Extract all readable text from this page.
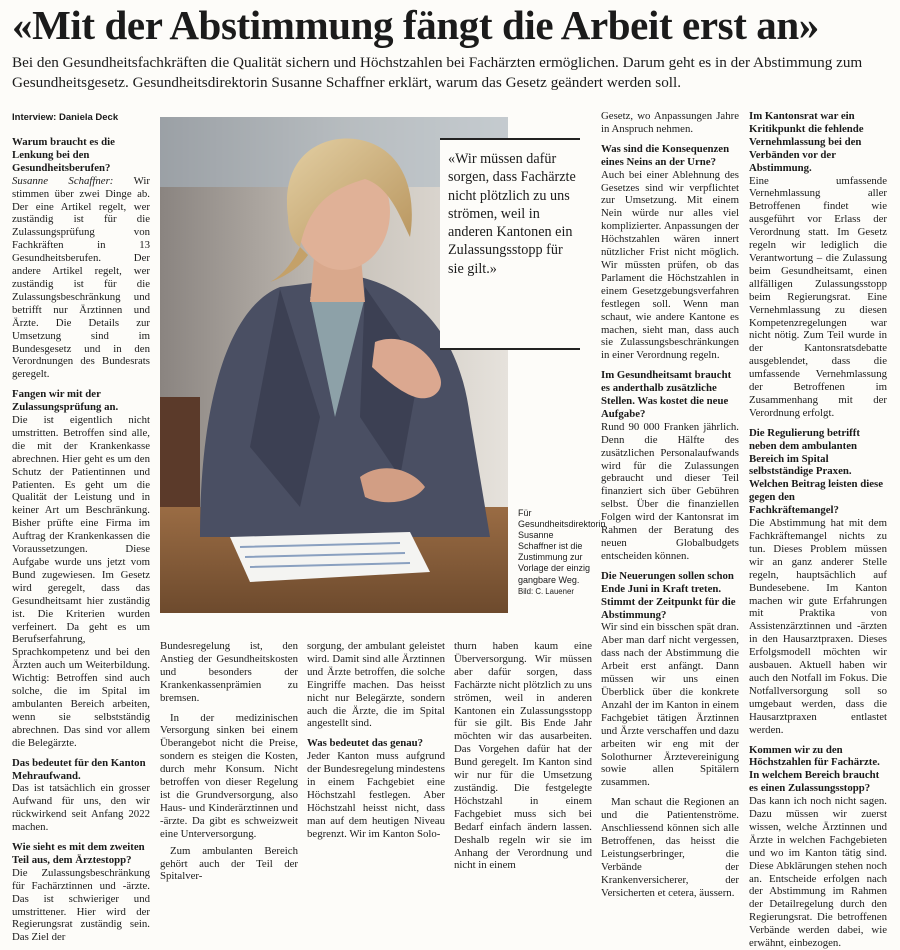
«Mit der Abstimmung fängt die Arbeit erst an»
Bei den Gesundheitsfachkräften die Qualität sichern und Höchstzahlen bei Fachärzten ermöglichen. Darum geht es in der Abstimmung zum Gesundheitsgesetz. Gesundheitsdirektorin Susanne Schaffner erklärt, warum das Gesetz geändert werden soll.
Interview: Daniela Deck

Warum braucht es die Lenkung bei den Gesundheitsberufen?

Susanne Schaffner: Wir stimmen über zwei Dinge ab. Der eine Artikel regelt, wer zuständig ist für die Zulassungsprüfung von Fachkräften in 13 Gesundheitsberufen. Der andere Artikel regelt, wer zuständig ist für die Zulassungsbeschränkung und betrifft nur Ärztinnen und Ärzte. Die Details zur Umsetzung sind im Bundesgesetz und in den Verordnungen des Bundesrats geregelt.

Fangen wir mit der Zulassungsprüfung an.

Die ist eigentlich nicht umstritten. Betroffen sind alle, die mit der Krankenkasse abrechnen. Hier geht es um den Schutz der Patientinnen und Patienten. Es geht um die Qualität der Leistung und in keiner Art um Beschränkung. Bisher prüfte eine Firma im Auftrag der Krankenkassen die Voraussetzungen. Diese Aufgabe wurde uns jetzt vom Bund zugewiesen. Im Gesetz wird geregelt, dass das Gesundheitsamt hier zuständig ist. Die Kriterien wurden verfeinert. Da geht es um Berufserfahrung, Sprachkompetenz und bei den Ärzten auch um Weiterbildung. Wichtig: Betroffen sind auch solche, die im Spital im ambulanten Bereich arbeiten, wenn sie selbstständig abrechnen. Das sind vor allem die Belegärzte.

Das bedeutet für den Kanton Mehraufwand.

Das ist tatsächlich ein grosser Aufwand für uns, den wir rückwirkend seit Anfang 2022 machen.

Wie sieht es mit dem zweiten Teil aus, dem Ärztestopp?

Die Zulassungsbeschränkung für Fachärztinnen und -ärzte. Das ist schwieriger und umstrittener. Hier wird der Regierungsrat zuständig sein. Das Ziel der

«Wir müssen dafür sorgen, dass Fachärzte nicht plötzlich zu uns strömen, weil in anderen Kantonen ein Zulassungsstopp für sie gilt.»
Für Gesundheitsdirektorin Susanne Schaffner ist die Zustimmung zur Vorlage der einzig gangbare Weg.
Bild: C. Lauener

Bundesregelung ist, den Anstieg der Gesundheitskosten und besonders der Krankenkassenprämien zu bremsen.

In der medizinischen Versorgung sinken bei einem Überangebot nicht die Preise, sondern es steigen die Kosten, durch mehr Konsum. Nicht betroffen von dieser Regelung ist die Grundversorgung, also Haus- und Kinderärztinnen und -ärzte. Da gibt es schweizweit eine Unterversorgung.

Zum ambulanten Bereich gehört auch der Teil der Spitalver-

sorgung, der ambulant geleistet wird. Damit sind alle Ärztinnen und Ärzte betroffen, die solche Eingriffe machen. Das heisst nicht nur Belegärzte, sondern auch die Ärzte, die im Spital angestellt sind.

Was bedeutet das genau?

Jeder Kanton muss aufgrund der Bundesregelung mindestens in einem Fachgebiet eine Höchstzahl festlegen. Aber Höchstzahl heisst nicht, dass man auf dem heutigen Niveau begrenzt. Wir im Kanton Solo-

thurn haben kaum eine Überversorgung. Wir müssen aber dafür sorgen, dass Fachärzte nicht plötzlich zu uns strömen, weil in anderen Kantonen ein Zulassungsstopp für sie gilt. Bis Ende Jahr möchten wir das ausarbeiten. Das Vorgehen dafür hat der Bund geregelt. Im Kanton sind wir nur für die Umsetzung zuständig. Die festgelegte Höchstzahl in einem Fachgebiet muss sich bei Bedarf einfach ändern lassen. Deshalb regeln wir sie im Anhang der Verordnung und nicht in einem

Gesetz, wo Anpassungen Jahre in Anspruch nehmen.

Was sind die Konsequenzen eines Neins an der Urne?

Auch bei einer Ablehnung des Gesetzes sind wir verpflichtet zur Umsetzung. Mit einem Nein würde nur alles viel komplizierter. Anpassungen der Höchstzahlen wären innert nützlicher Frist nicht möglich. Wir müssten prüfen, ob das Parlament die Höchstzahlen in einem Gesetzgebungsverfahren festlegen soll. Wenn man schaut, wie andere Kantone es machen, sieht man, dass auch sie Zulassungsbeschränkungen in einer Verordnung regeln.

Im Gesundheitsamt braucht es anderthalb zusätzliche Stellen. Was kostet die neue Aufgabe?

Rund 90 000 Franken jährlich. Denn die Hälfte des zusätzlichen Personalaufwands wird für die Zulassungen gebraucht und dieser Teil finanziert sich über Gebühren selbst. Über die finanziellen Folgen wird der Kantonsrat im Rahmen der Beratung des neuen Globalbudgets entscheiden können.

Die Neuerungen sollen schon Ende Juni in Kraft treten. Stimmt der Zeitpunkt für die Abstimmung?

Wir sind ein bisschen spät dran. Aber man darf nicht vergessen, dass nach der Abstimmung die Arbeit erst anfängt. Dann müssen wir uns einen Überblick über die konkrete Anzahl der im Kanton in einem Fachgebiet tätigen Ärztinnen und Ärzte verschaffen und dazu arbeiten wir eng mit der Solothurner Ärztevereinigung sowie allen Spitälern zusammen.

Man schaut die Regionen an und die Patientenströme. Anschliessend können sich alle Betroffenen, das heisst die Leistungserbringer, die Verbände der Krankenversicherer, der Versicherten et cetera, äussern.

Im Kantonsrat war ein Kritikpunkt die fehlende Vernehmlassung bei den Verbänden vor der Abstimmung.

Eine umfassende Vernehmlassung aller Betroffenen findet wie ausgeführt vor Erlass der Verordnung statt. Im Gesetz regeln wir lediglich die Verantwortung – die Zulassung beim Gesundheitsamt, einen allfälligen Zulassungsstopp beim Regierungsrat. Eine Vernehmlassung zu diesen Kompetenzregelungen war nicht nötig. Zum Teil wurde in der Kantonsratsdebatte ausgeblendet, dass die umfassende Vernehmlassung der Betroffenen im Zusammenhang mit der Verordnung erfolgt.

Die Regulierung betrifft neben dem ambulanten Bereich im Spital selbstständige Praxen. Welchen Beitrag leisten diese gegen den Fachkräftemangel?

Die Abstimmung hat mit dem Fachkräftemangel nichts zu tun. Dieses Problem müssen wir an ganz anderer Stelle regeln, hauptsächlich auf Bundesebene. Im Kanton machen wir gute Erfahrungen mit Praktika von Assistenzärztinnen und -ärzten in den Hausarztpraxen. Dieses Erfolgsmodell möchten wir ausbauen. Aktuell haben wir auch den Notfall im Fokus. Die Notfallversorgung soll so umgebaut werden, dass die Hausarztpraxen entlastet werden.

Kommen wir zu den Höchstzahlen für Fachärzte. In welchem Bereich braucht es einen Zulassungsstopp?

Das kann ich noch nicht sagen. Dazu müssen wir zuerst wissen, welche Ärztinnen und Ärzte in welchen Fachgebieten und wo im Kanton tätig sind. Diese Abklärungen stehen noch an. Entscheide erfolgen nach der Abstimmung im Rahmen der Detailregelung durch den Regierungsrat. Die betroffenen Verbände werden dabei, wie erwähnt, einbezogen.
